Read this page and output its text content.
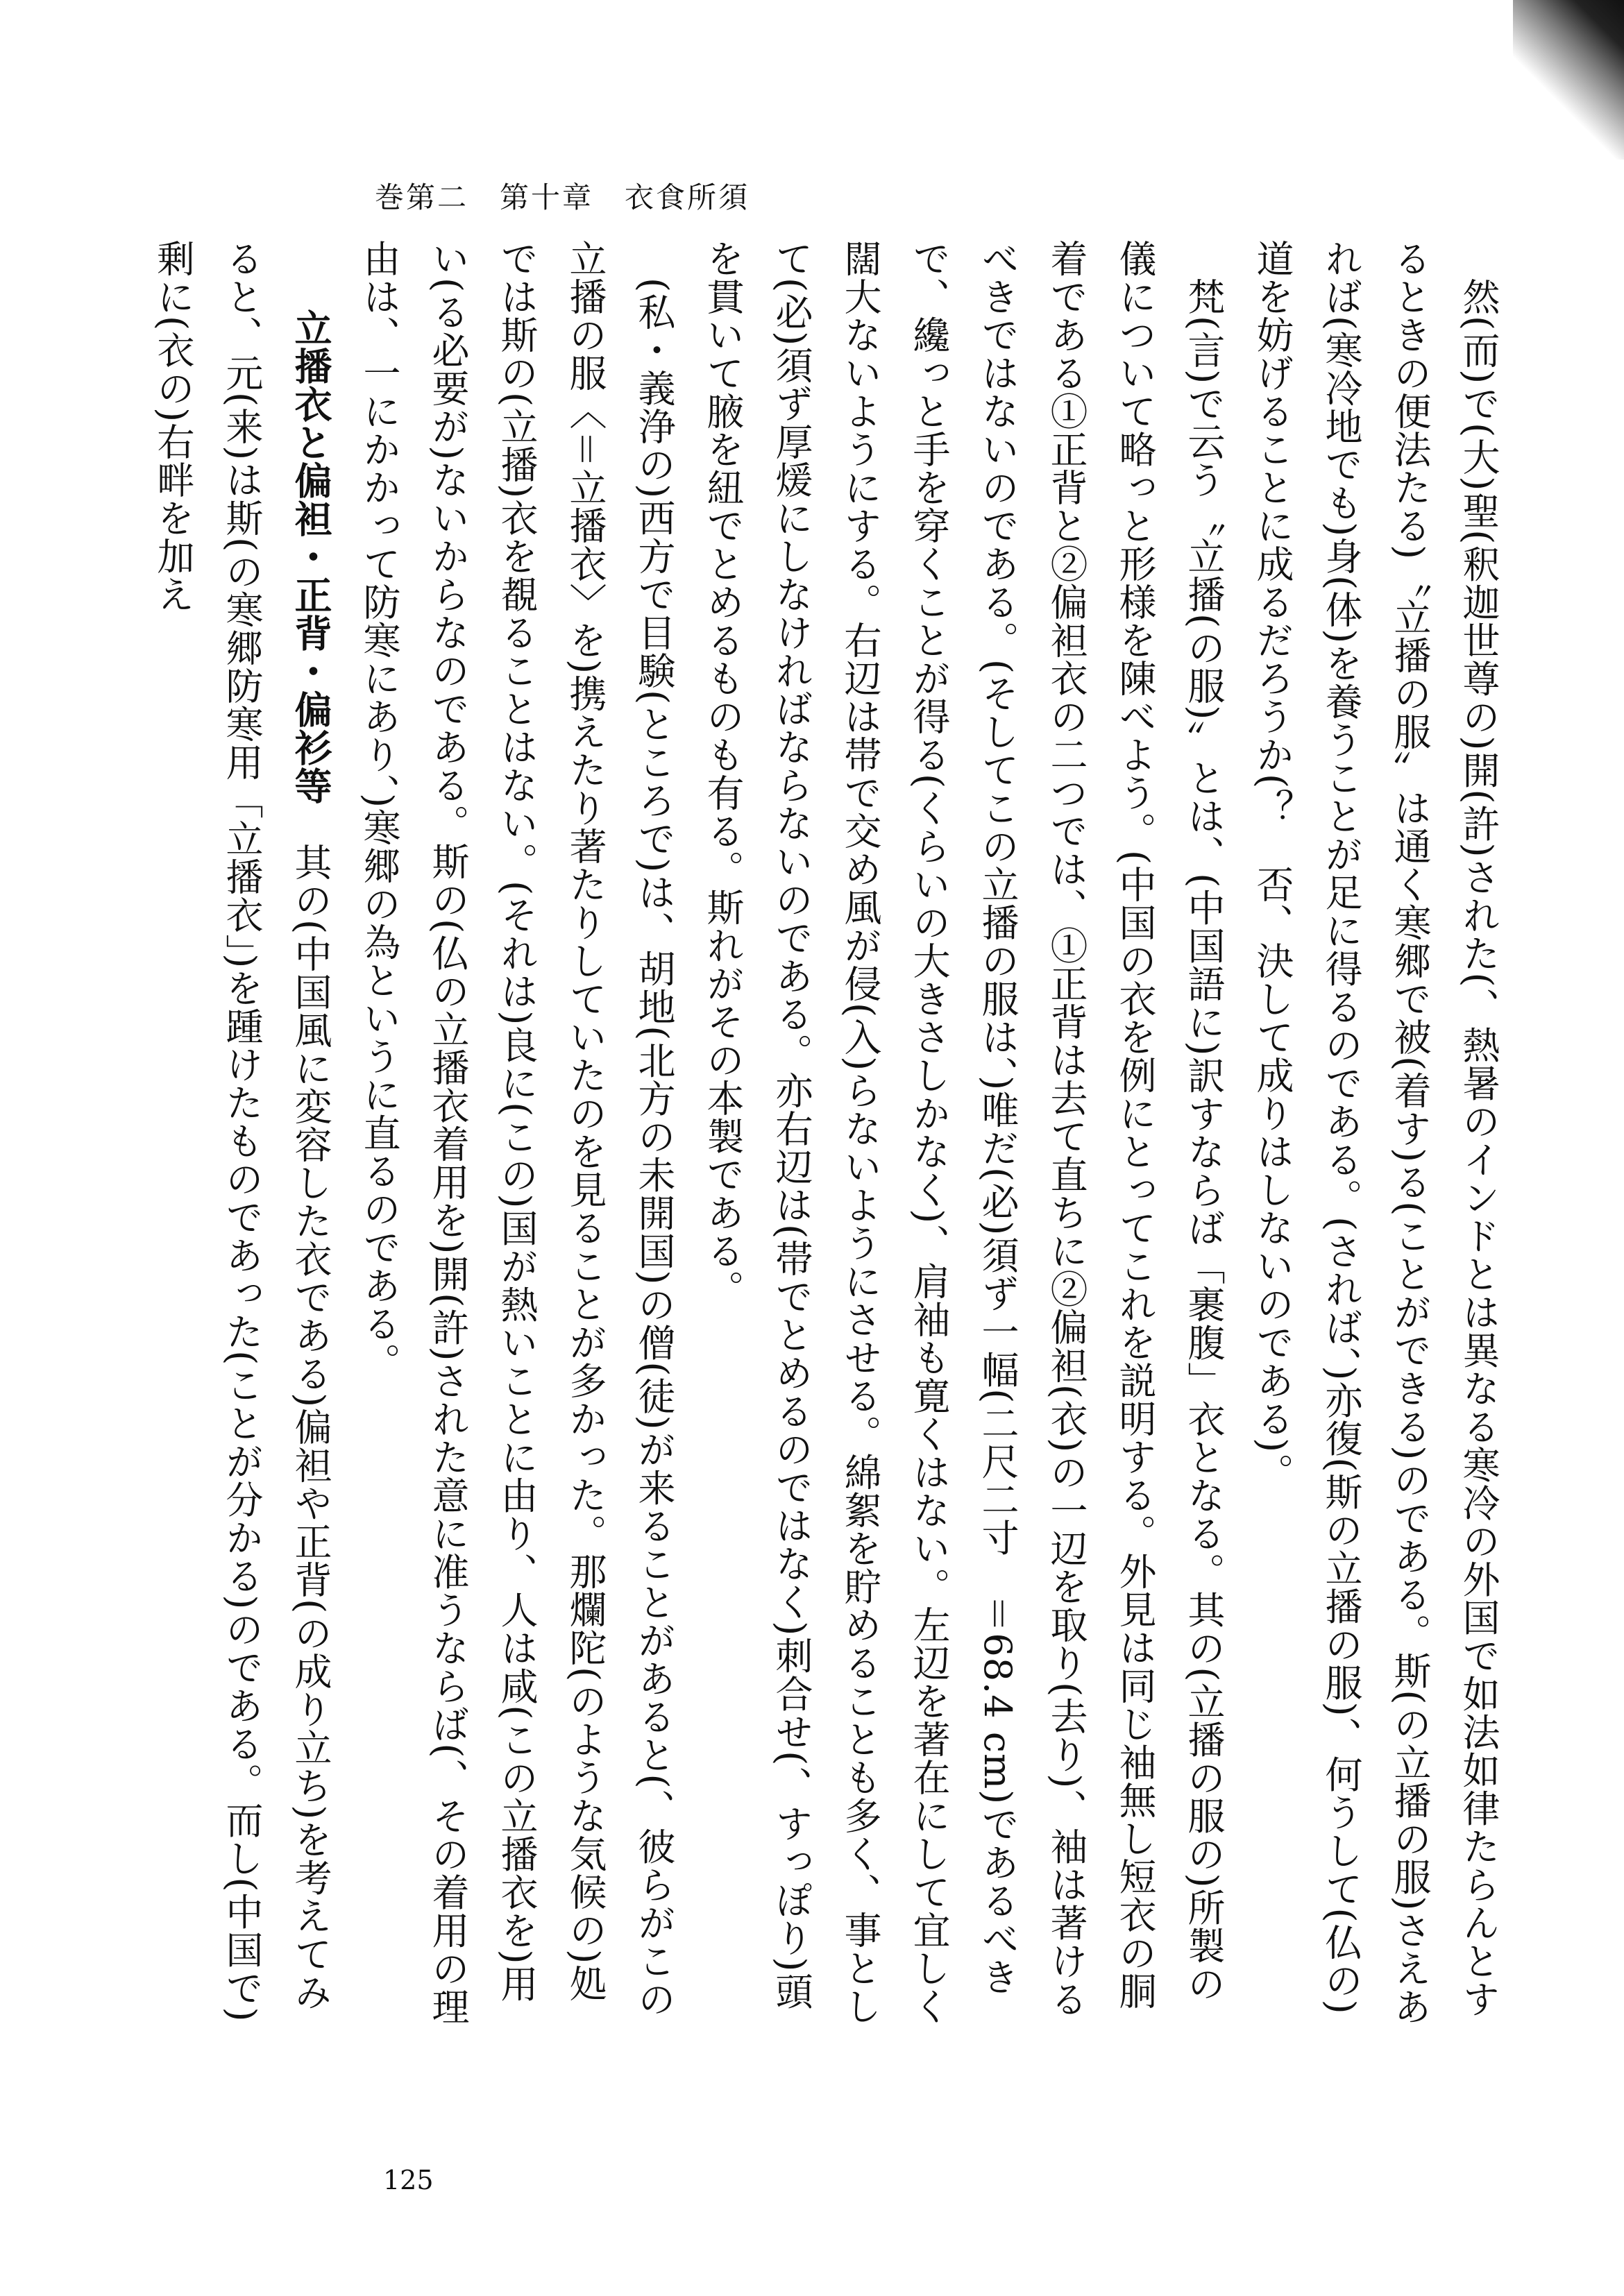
巻第二　第十章　衣食所須

　然(而)で(大)聖(釈迦世尊の)開(許)された(、熱暑のインドとは異なる寒冷の外国で如法如律たらんとするときの便法たる)〝立播の服〟は通く寒郷で被(着す)る(ことができる)のである。斯(の立播の服)さえあれば(寒冷地でも)身(体)を養うことが足に得るのである。(されば、)亦復(斯の立播の服)、何うして(仏の)道を妨げることに成るだろうか(？　否、決して成りはしないのである)。

　梵(言)で云う〝立播(の服)〟とは、(中国語に)訳すならば「裹腹」衣となる。其の(立播の服の)所製の儀について略っと形様を陳べよう。(中国の衣を例にとってこれを説明する。外見は同じ袖無し短衣の胴着である①正背と②偏袒衣の二つでは、①正背は去て直ちに②偏袒(衣)の一辺を取り(去り)、袖は著けるべきではないのである。(そしてこの立播の服は、)唯だ(必)須ず一幅(二尺二寸　＝68.4 cm)であるべきで、纔っと手を穿くことが得る(くらいの大きさしかなく)、肩袖も寛くはない。左辺を著在にして宜しく闊大ないようにする。右辺は帯で交め風が侵(入)らないようにさせる。綿絮を貯めることも多く、事として(必)須ず厚煖にしなければならないのである。亦右辺は(帯でとめるのではなく)刺合せ(、すっぽり)頭を貫いて腋を紐でとめるものも有る。斯れがその本製である。

　(私・義浄の)西方で目験(ところで)は、胡地(北方の未開国)の僧(徒)が来ることがあると(、彼らがこの立播の服〈＝立播衣〉を)携えたり著たりしていたのを見ることが多かった。那爛陀(のような気候の)処では斯の(立播)衣を覩ることはない。(それは)良に(この)国が熱いことに由り、人は咸(この立播衣を)用い(る必要が)ないからなのである。斯の(仏の立播衣着用を)開(許)された意に准うならば(、その着用の理由は、一にかかって防寒にあり、)寒郷の為というに直るのである。

立播衣と偏袒・正背・偏衫等　其の(中国風に変容した衣である)偏袒や正背(の成り立ち)を考えてみると、元(来)は斯(の寒郷防寒用「立播衣」)を踵けたものであった(ことが分かる)のである。而し(中国で)剰に(衣の)右畔を加え

125
